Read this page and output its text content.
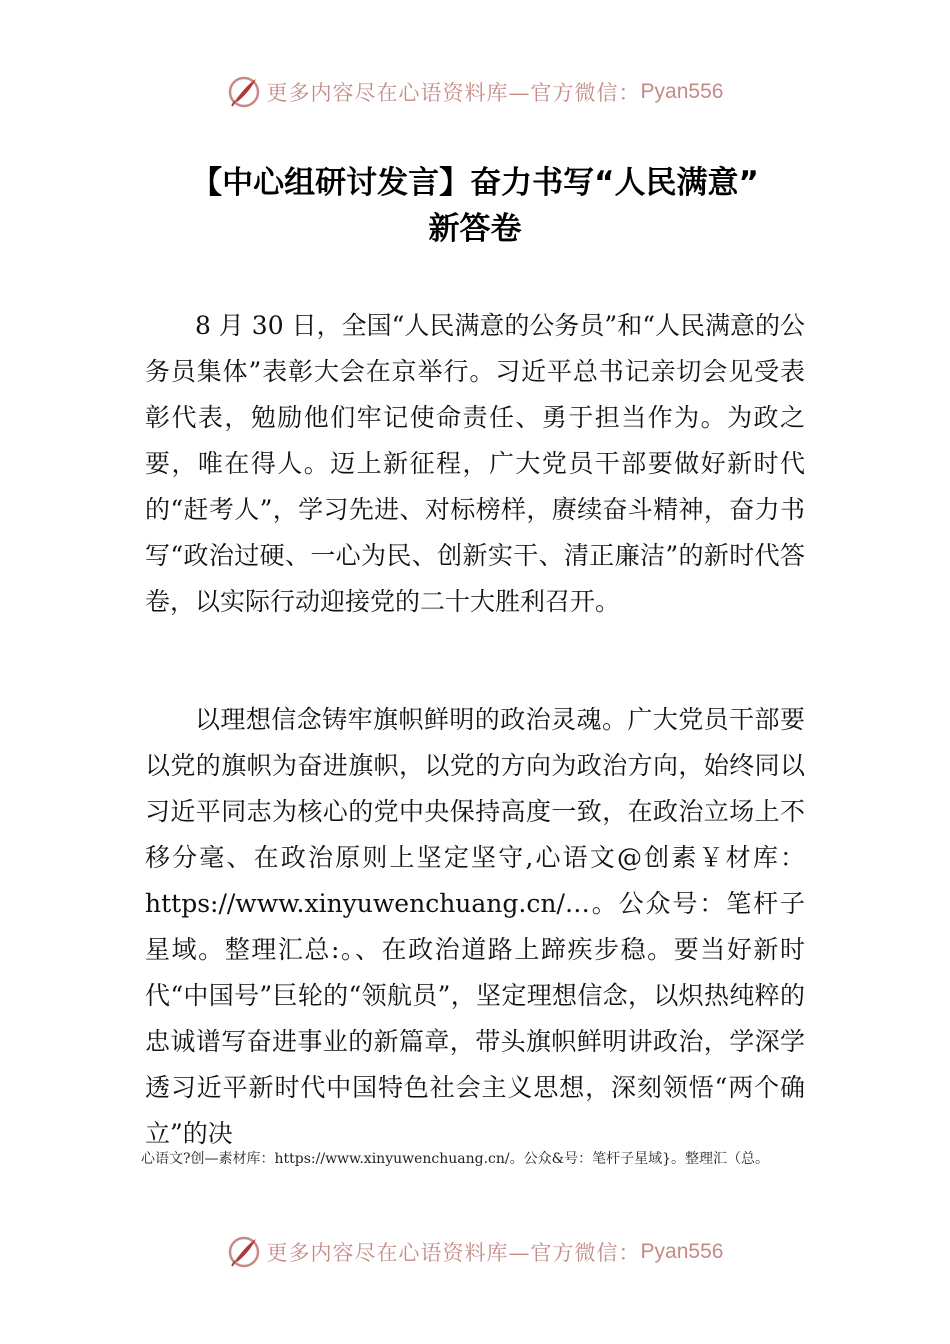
更多内容尽在心语资料库—官方微信： Pyan556
【中心组研讨发言】奋力书写“人民满意”
新答卷

8 月 30 日，全国“人民满意的公务员”和“人民满意的公务员集体”表彰大会在京举行。习近平总书记亲切会见受表彰代表，勉励他们牢记使命责任、勇于担当作为。为政之要，唯在得人。迈上新征程，广大党员干部要做好新时代的“赶考人”，学习先进、对标榜样，赓续奋斗精神，奋力书写“政治过硬、一心为民、创新实干、清正廉洁”的新时代答卷，以实际行动迎接党的二十大胜利召开。

以理想信念铸牢旗帜鲜明的政治灵魂。广大党员干部要以党的旗帜为奋进旗帜，以党的方向为政治方向，始终同以习近平同志为核心的党中央保持高度一致，在政治立场上不移分毫、在政治原则上坚定坚守,心语文@创素￥材库：https://www.xinyuwenchuang.cn/…。公众号：笔杆子星域。整理汇总:。、在政治道路上蹄疾步稳。要当好新时代“中国号”巨轮的“领航员”，坚定理想信念，以炽热纯粹的忠诚谱写奋进事业的新篇章，带头旗帜鲜明讲政治，学深学透习近平新时代中国特色社会主义思想，深刻领悟“两个确立”的决

心语文?创—素材库：https://www.xinyuwenchuang.cn/。公众&号：笔杆子星域}。整理汇（总。

更多内容尽在心语资料库—官方微信： Pyan556
